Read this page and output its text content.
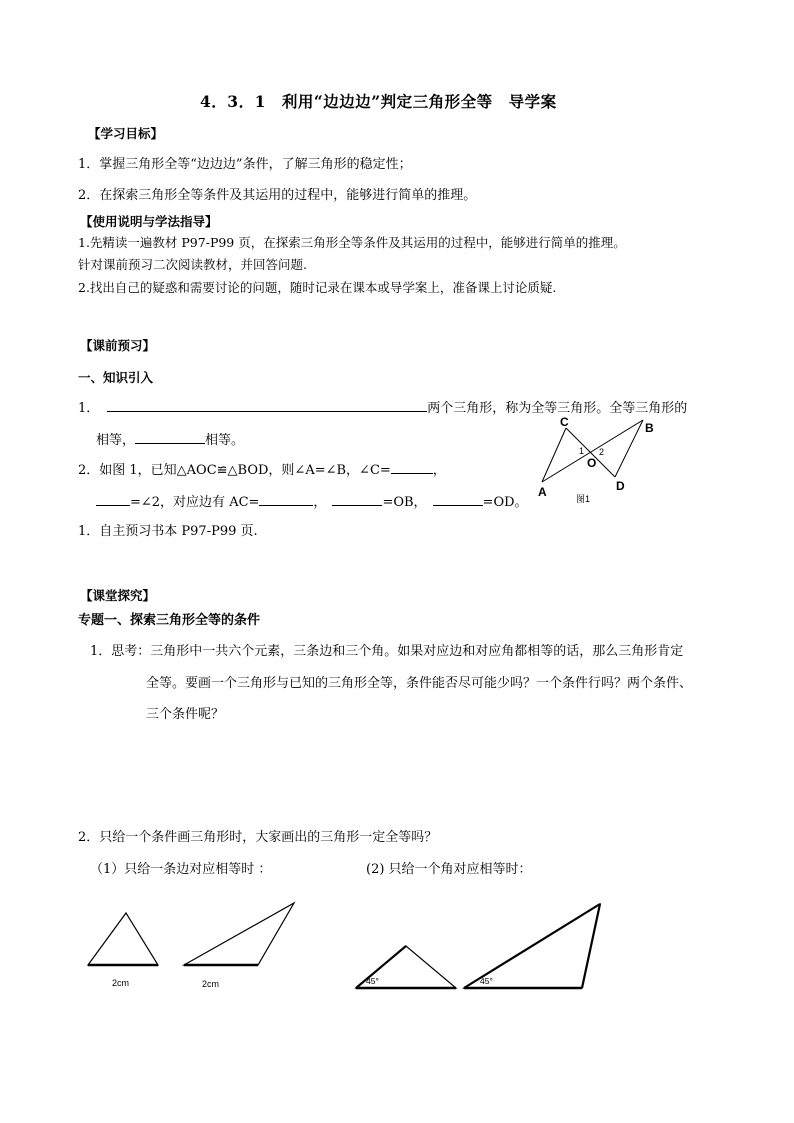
4．3．1　利用“边边边”判定三角形全等　导学案
【学习目标】
1．掌握三角形全等“边边边”条件，了解三角形的稳定性；
2．在探索三角形全等条件及其运用的过程中，能够进行简单的推理。
【使用说明与学法指导】
1.先精读一遍教材 P97-P99 页，在探索三角形全等条件及其运用的过程中，能够进行简单的推理。
针对课前预习二次阅读教材，并回答问题.
2.找出自己的疑惑和需要讨论的问题，随时记录在课本或导学案上，准备课上讨论质疑.
【课前预习】
一、知识引入
1．	两个三角形，称为全等三角形。全等三角形的
相等，	相等。
2．如图 1，已知△AOC≌△BOD，则∠A=∠B，∠C=	，
=∠2，对应边有 AC=	，	=OB，	=OD。
1．自主预习书本 P97-P99 页.
C	B
A	D
O
1 2
图1
【课堂探究】
专题一、探索三角形全等的条件
1．思考：三角形中一共六个元素，三条边和三个角。如果对应边和对应角都相等的话，那么三角形肯定
全等。要画一个三角形与已知的三角形全等，条件能否尽可能少吗？一个条件行吗？两个条件、
三个条件呢？
2．只给一个条件画三角形时，大家画出的三角形一定全等吗？
（1）只给一条边对应相等时 ：	(2) 只给一个角对应相等时：
2cm	2cm	45°	45°
